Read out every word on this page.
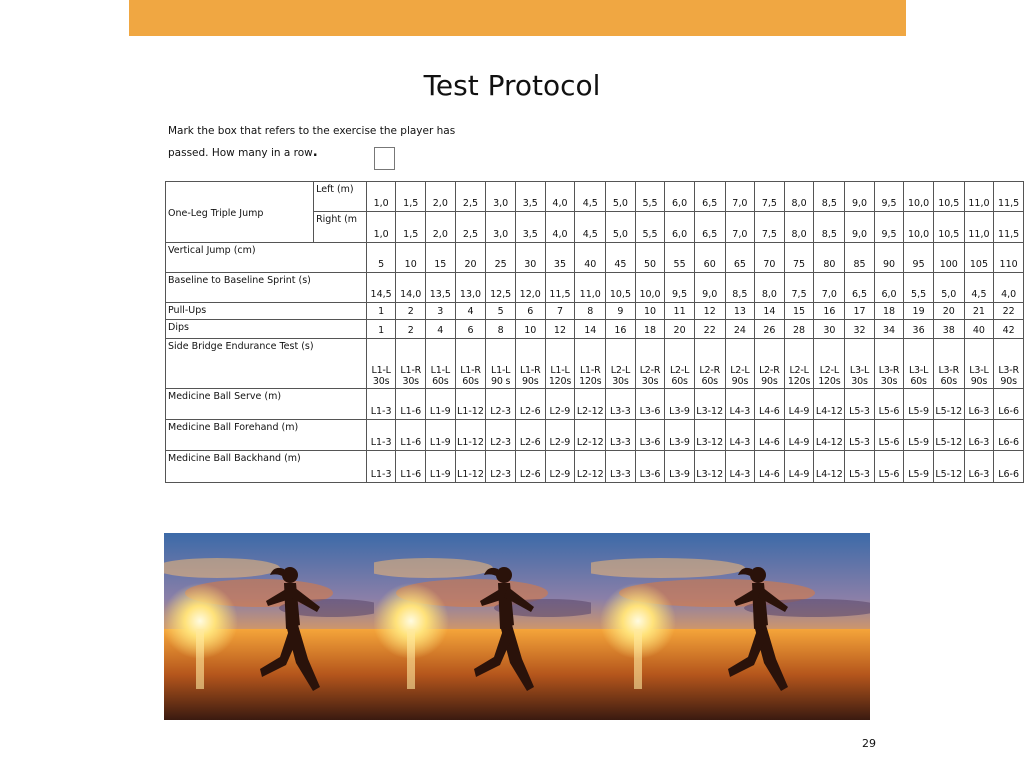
Test Protocol
Mark the box that refers to the exercise the player has
passed. How many in a row.
One-Leg Triple Jump	Left (m)	1,0	1,5	2,0	2,5	3,0	3,5	4,0	4,5	5,0	5,5	6,0	6,5	7,0	7,5	8,0	8,5	9,0	9,5	10,0	10,5	11,0	11,5
	Right (m	1,0	1,5	2,0	2,5	3,0	3,5	4,0	4,5	5,0	5,5	6,0	6,5	7,0	7,5	8,0	8,5	9,0	9,5	10,0	10,5	11,0	11,5
Vertical Jump (cm)		5	10	15	20	25	30	35	40	45	50	55	60	65	70	75	80	85	90	95	100	105	110
Baseline to Baseline Sprint (s)		14,5	14,0	13,5	13,0	12,5	12,0	11,5	11,0	10,5	10,0	9,5	9,0	8,5	8,0	7,5	7,0	6,5	6,0	5,5	5,0	4,5	4,0
Pull-Ups		1	2	3	4	5	6	7	8	9	10	11	12	13	14	15	16	17	18	19	20	21	22
Dips		1	2	4	6	8	10	12	14	16	18	20	22	24	26	28	30	32	34	36	38	40	42
Side Bridge Endurance Test (s)		L1-L 30s	L1-R 30s	L1-L 60s	L1-R 60s	L1-L 90 s	L1-R 90s	L1-L 120s	L1-R 120s	L2-L 30s	L2-R 30s	L2-L 60s	L2-R 60s	L2-L 90s	L2-R 90s	L2-L 120s	L2-L 120s	L3-L 30s	L3-R 30s	L3-L 60s	L3-R 60s	L3-L 90s	L3-R 90s
Medicine Ball Serve (m)		L1-3	L1-6	L1-9	L1-12	L2-3	L2-6	L2-9	L2-12	L3-3	L3-6	L3-9	L3-12	L4-3	L4-6	L4-9	L4-12	L5-3	L5-6	L5-9	L5-12	L6-3	L6-6
Medicine Ball Forehand (m)		L1-3	L1-6	L1-9	L1-12	L2-3	L2-6	L2-9	L2-12	L3-3	L3-6	L3-9	L3-12	L4-3	L4-6	L4-9	L4-12	L5-3	L5-6	L5-9	L5-12	L6-3	L6-6
Medicine Ball Backhand (m)		L1-3	L1-6	L1-9	L1-12	L2-3	L2-6	L2-9	L2-12	L3-3	L3-6	L3-9	L3-12	L4-3	L4-6	L4-9	L4-12	L5-3	L5-6	L5-9	L5-12	L6-3	L6-6
29
